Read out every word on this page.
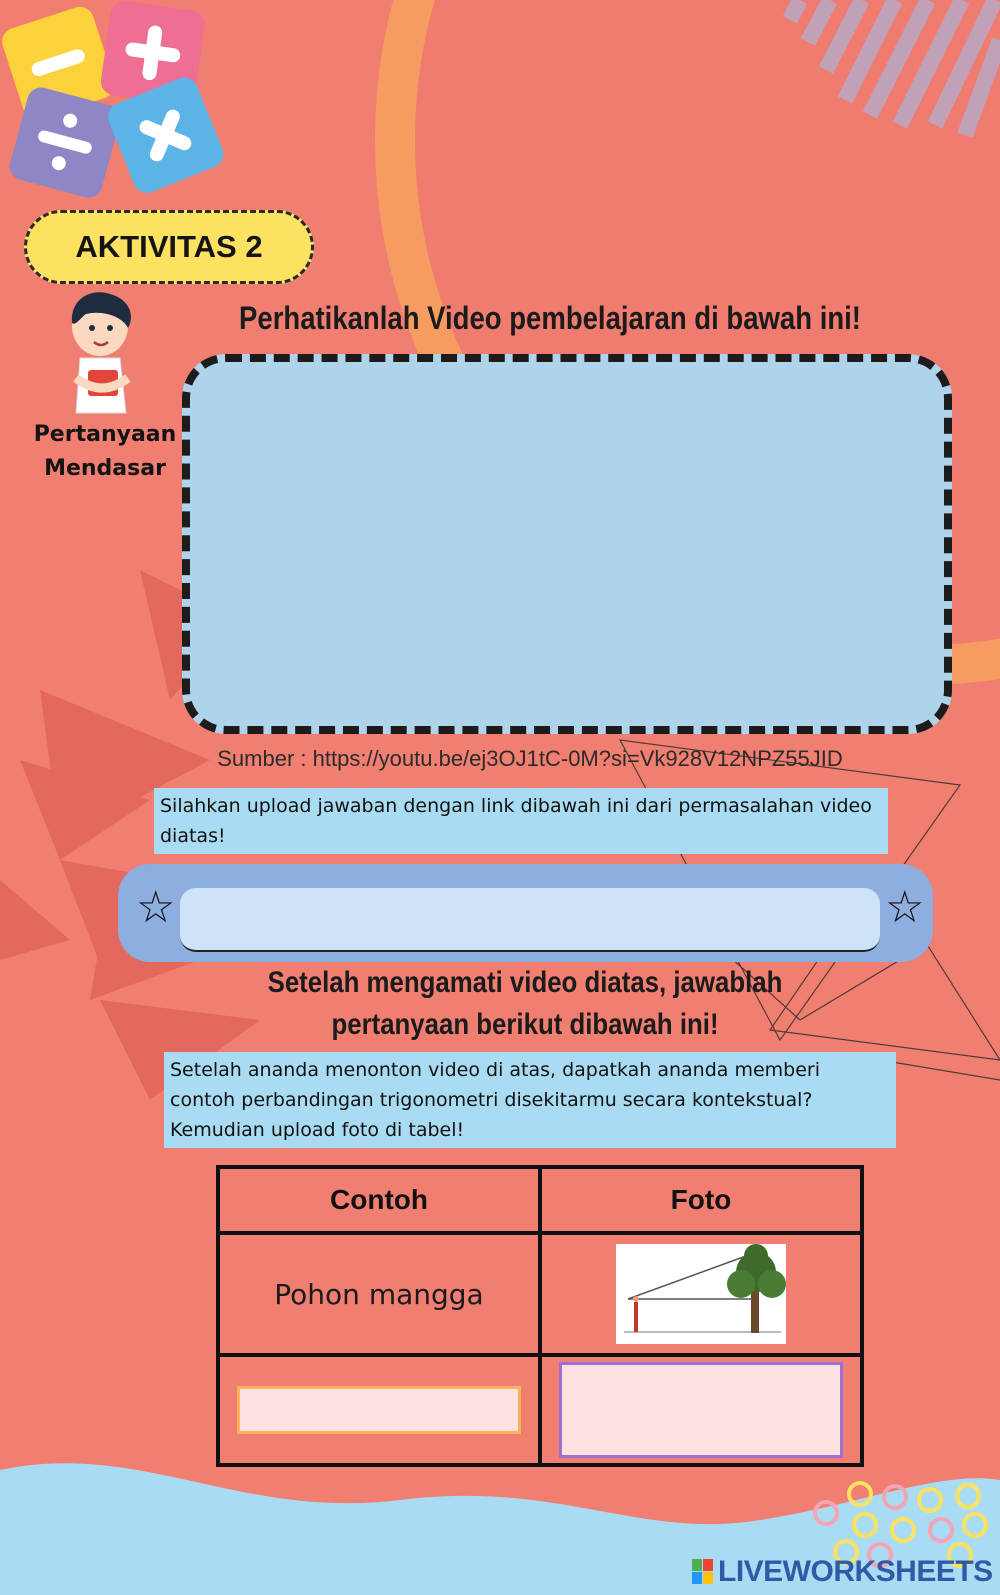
AKTIVITAS 2
Perhatikanlah Video pembelajaran di bawah ini!
Pertanyaan
Mendasar
Sumber : https://youtu.be/ej3OJ1tC-0M?si=Vk928V12NPZ55JID
Silahkan upload jawaban dengan link dibawah ini dari permasalahan video diatas!
☆	☆
Setelah mengamati video diatas, jawablah
pertanyaan berikut dibawah ini!
Setelah ananda menonton video di atas, dapatkah ananda memberi contoh perbandingan trigonometri disekitarmu secara kontekstual? Kemudian upload foto di tabel!
Contoh	Foto
Pohon mangga	

LIVEWORKSHEETS
